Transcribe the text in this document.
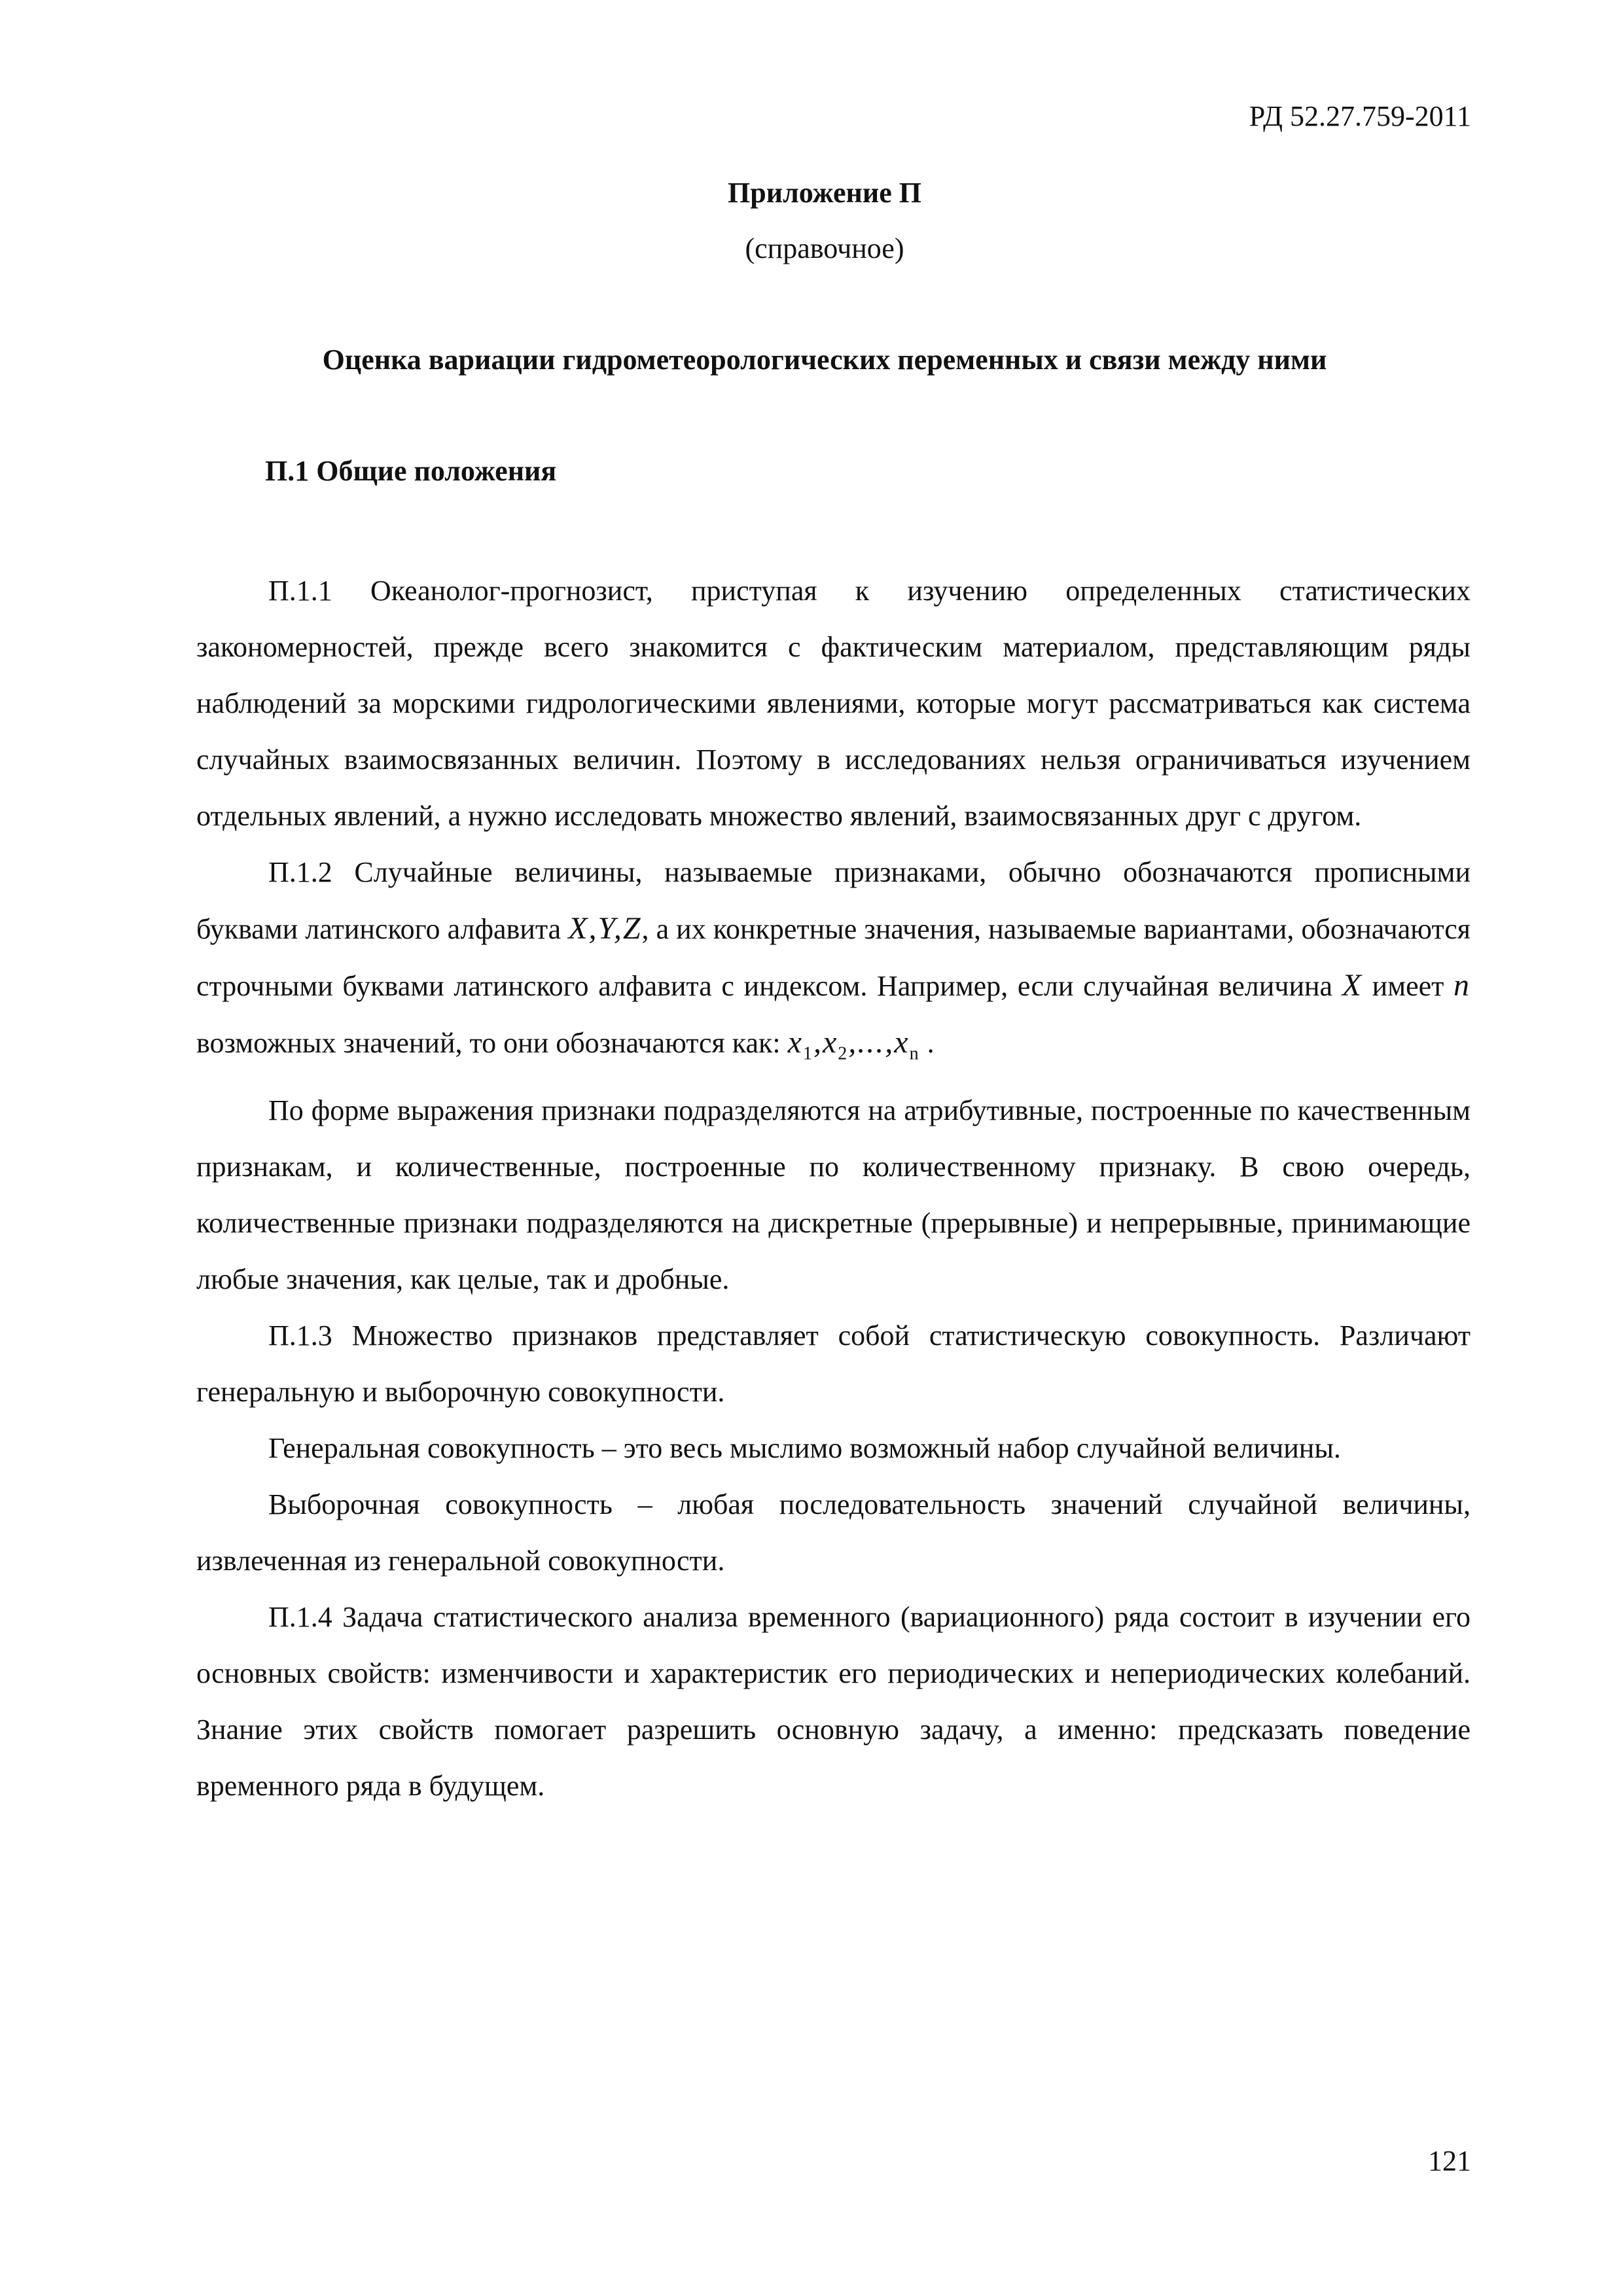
РД 52.27.759-2011
Приложение П
(справочное)
Оценка вариации гидрометеорологических переменных и связи между ними
П.1 Общие положения

П.1.1 Океанолог-прогнозист, приступая к изучению определенных статистических закономерностей, прежде всего знакомится с фактическим материалом, представляющим ряды наблюдений за морскими гидрологическими явлениями, которые могут рассматриваться как система случайных взаимосвязанных величин. Поэтому в исследованиях нельзя ограничиваться изучением отдельных явлений, а нужно исследовать множество явлений, взаимосвязанных друг с другом.

П.1.2 Случайные величины, называемые признаками, обычно обозначаются прописными буквами латинского алфавита X,Y,Z, а их конкретные значения, называемые вариантами, обозначаются строчными буквами латинского алфавита с индексом. Например, если случайная величина X имеет n возможных значений, то они обозначаются как: $x_1,x_2,...,x_n$ .

По форме выражения признаки подразделяются на атрибутивные, построенные по качественным признакам, и количественные, построенные по количественному признаку. В свою очередь, количественные признаки подразделяются на дискретные (прерывные) и непрерывные, принимающие любые значения, как целые, так и дробные.

П.1.3 Множество признаков представляет собой статистическую совокупность. Различают генеральную и выборочную совокупности.

Генеральная совокупность – это весь мыслимо возможный набор случайной величины.

Выборочная совокупность – любая последовательность значений случайной величины, извлеченная из генеральной совокупности.

П.1.4 Задача статистического анализа временного (вариационного) ряда состоит в изучении его основных свойств: изменчивости и характеристик его периодических и непериодических колебаний. Знание этих свойств помогает разрешить основную задачу, а именно: предсказать поведение временного ряда в будущем.

121
